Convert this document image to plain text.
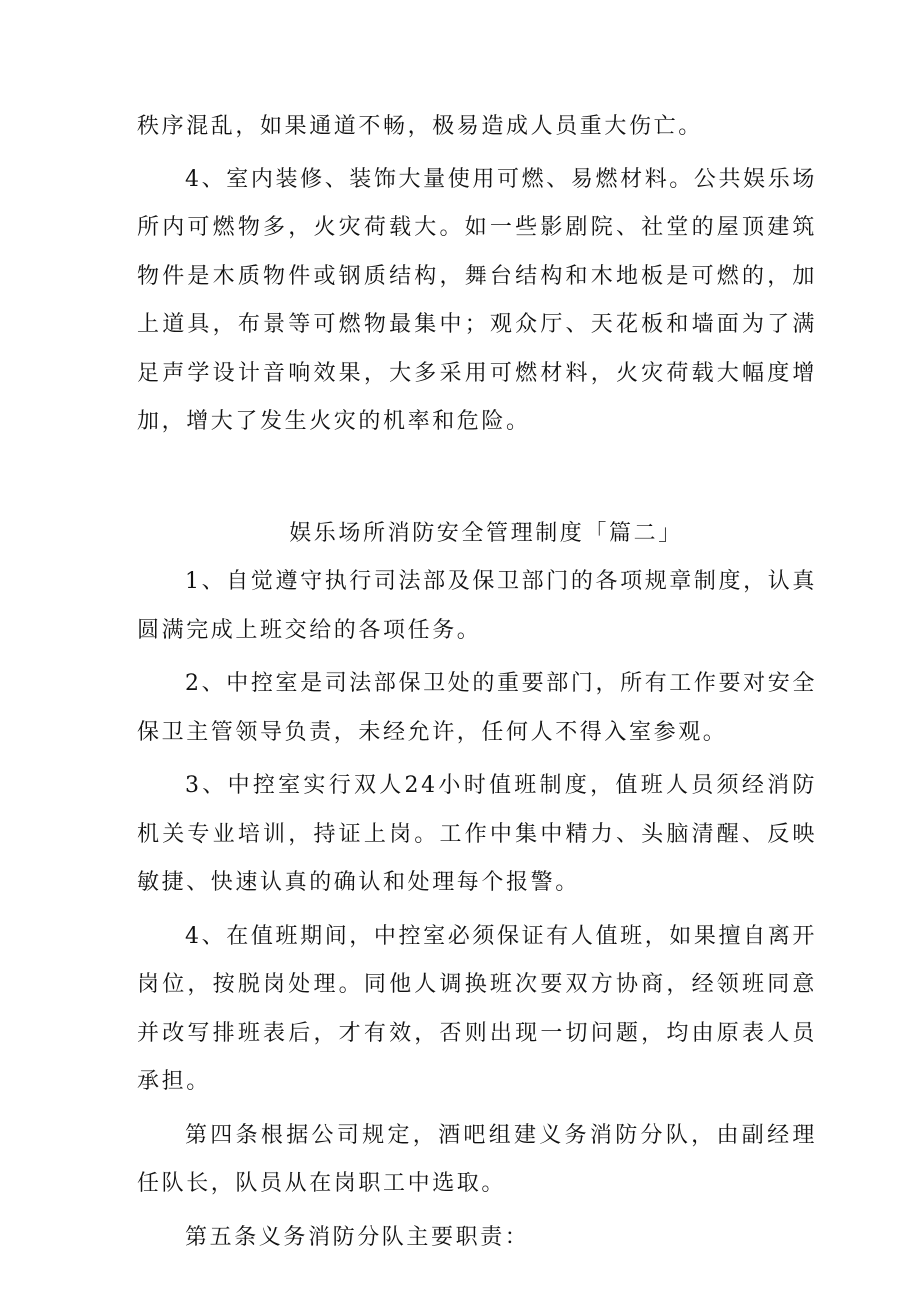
秩序混乱，如果通道不畅，极易造成人员重大伤亡。

4、室内装修、装饰大量使用可燃、易燃材料。公共娱乐场所内可燃物多，火灾荷载大。如一些影剧院、社堂的屋顶建筑物件是木质物件或钢质结构，舞台结构和木地板是可燃的，加上道具，布景等可燃物最集中；观众厅、天花板和墙面为了满足声学设计音响效果，大多采用可燃材料，火灾荷载大幅度增加，增大了发生火灾的机率和危险。

娱乐场所消防安全管理制度「篇二」

1、自觉遵守执行司法部及保卫部门的各项规章制度，认真圆满完成上班交给的各项任务。

2、中控室是司法部保卫处的重要部门，所有工作要对安全保卫主管领导负责，未经允许，任何人不得入室参观。

3、中控室实行双人24小时值班制度，值班人员须经消防机关专业培训，持证上岗。工作中集中精力、头脑清醒、反映敏捷、快速认真的确认和处理每个报警。

4、在值班期间，中控室必须保证有人值班，如果擅自离开岗位，按脱岗处理。同他人调换班次要双方协商，经领班同意并改写排班表后，才有效，否则出现一切问题，均由原表人员承担。

第四条根据公司规定，酒吧组建义务消防分队，由副经理任队长，队员从在岗职工中选取。

第五条义务消防分队主要职责：
